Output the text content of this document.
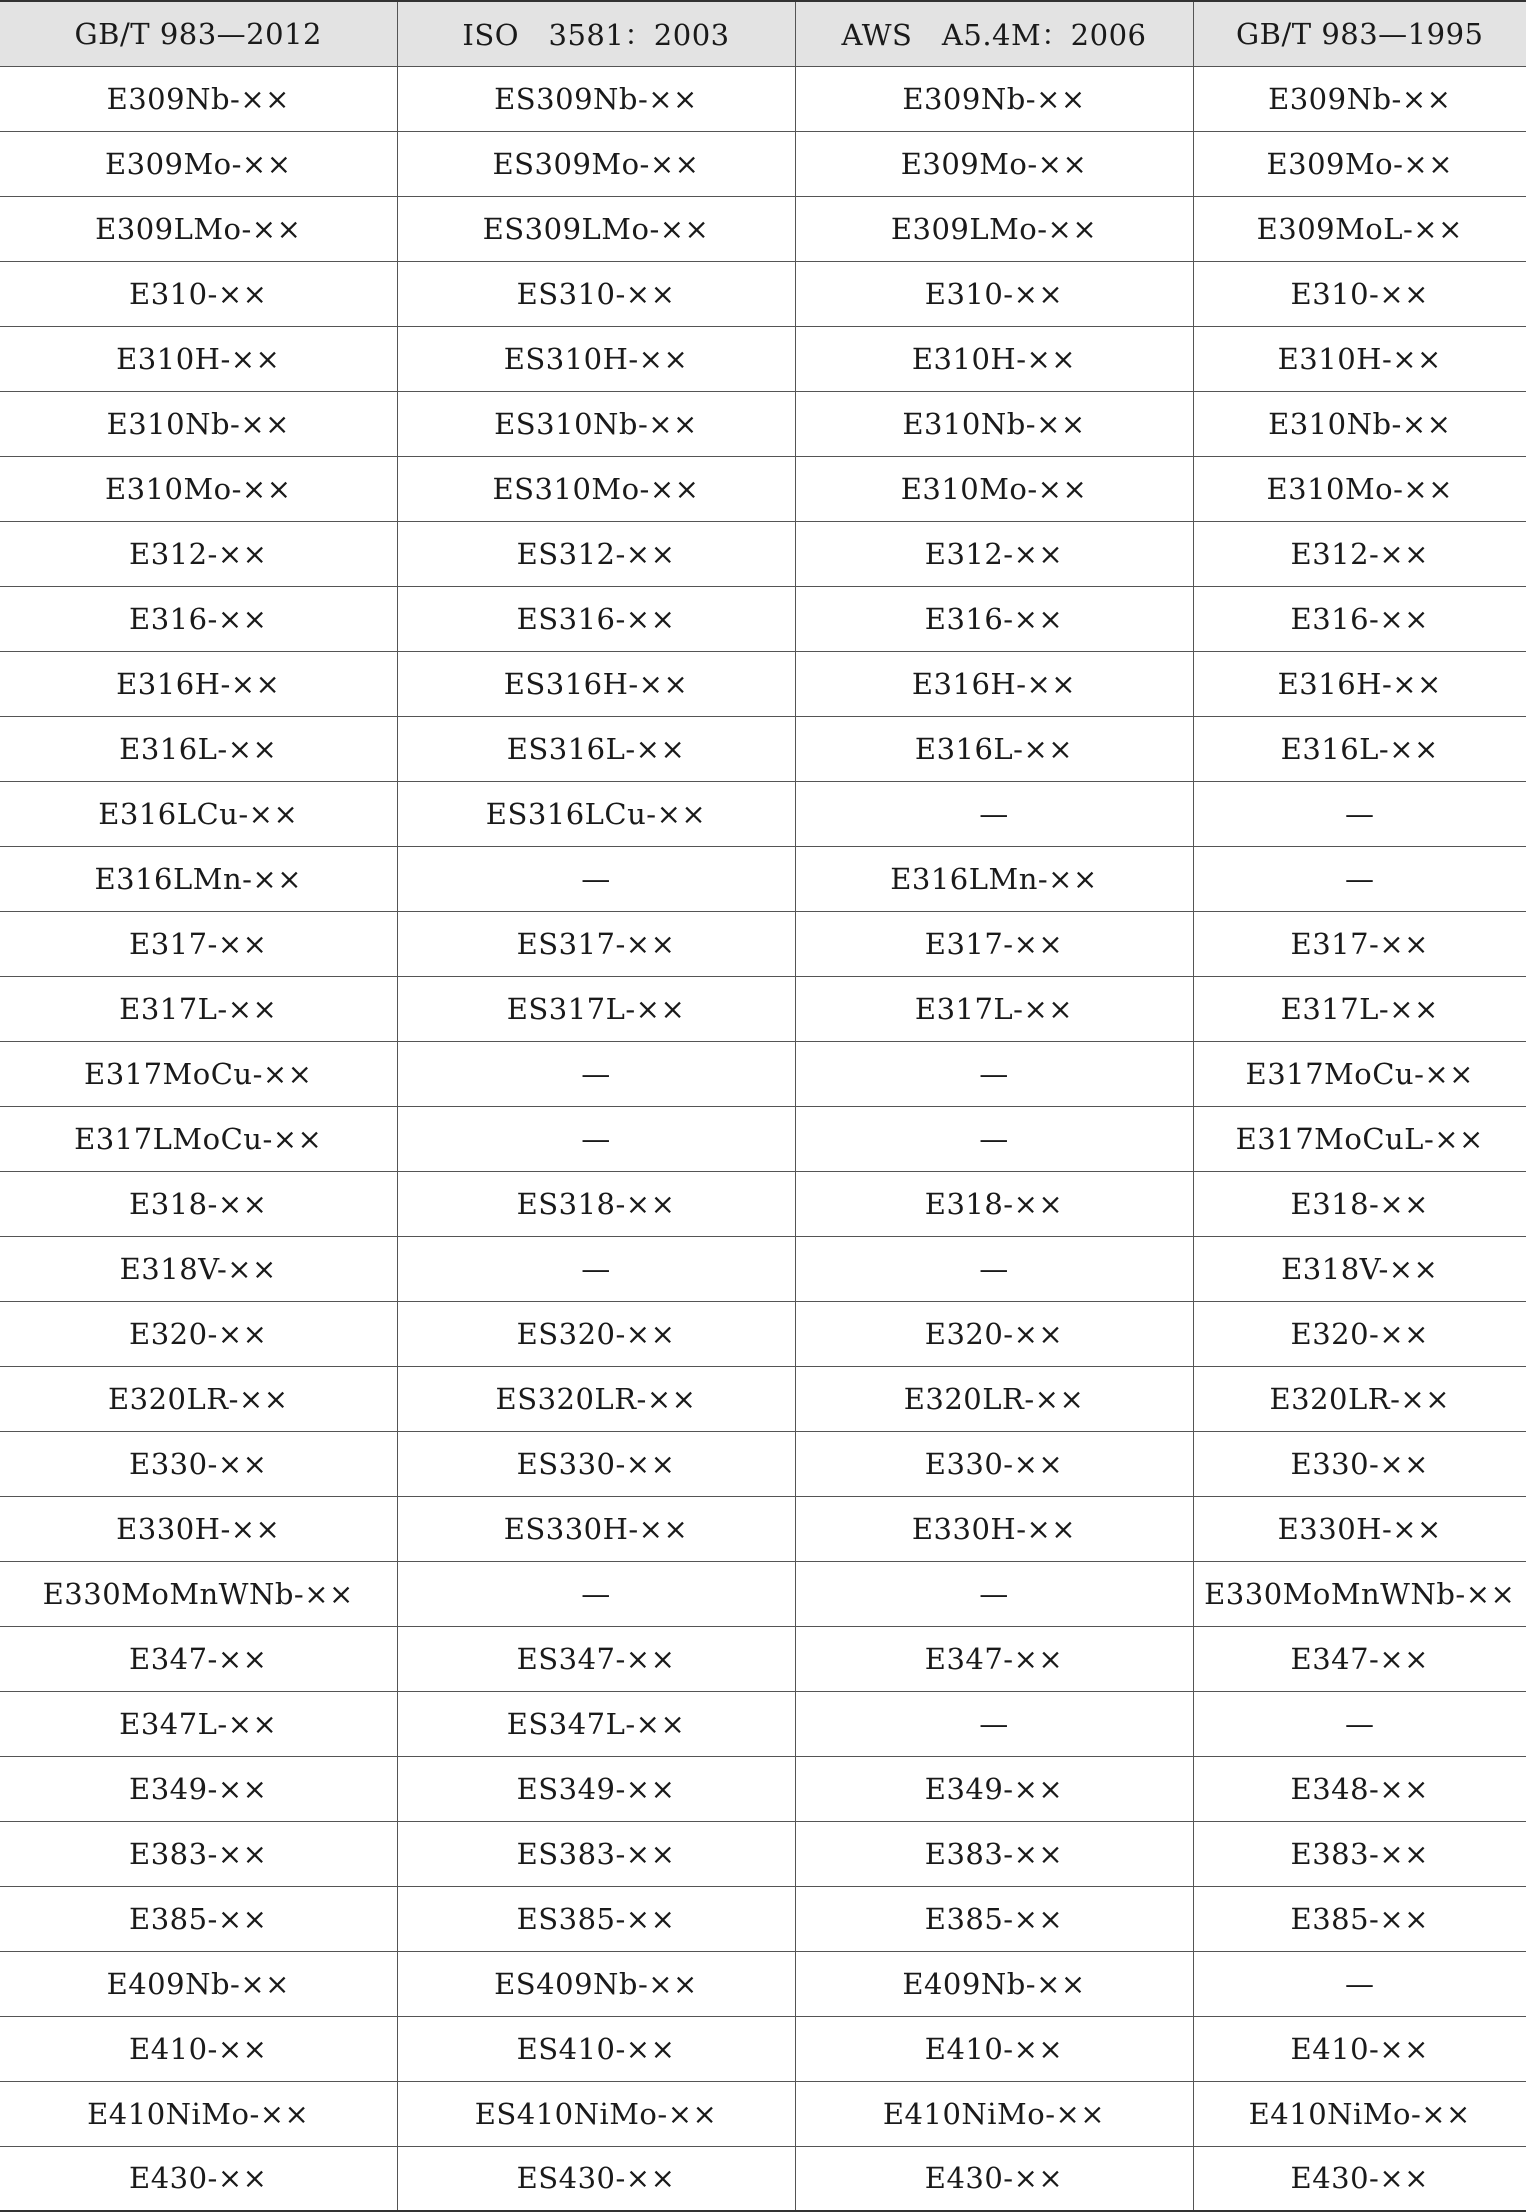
GB/T 983—2012	ISO　3581：2003	AWS　A5.4M：2006	GB/T 983—1995
E309Nb-××	ES309Nb-××	E309Nb-××	E309Nb-××
E309Mo-××	ES309Mo-××	E309Mo-××	E309Mo-××
E309LMo-××	ES309LMo-××	E309LMo-××	E309MoL-××
E310-××	ES310-××	E310-××	E310-××
E310H-××	ES310H-××	E310H-××	E310H-××
E310Nb-××	ES310Nb-××	E310Nb-××	E310Nb-××
E310Mo-××	ES310Mo-××	E310Mo-××	E310Mo-××
E312-××	ES312-××	E312-××	E312-××
E316-××	ES316-××	E316-××	E316-××
E316H-××	ES316H-××	E316H-××	E316H-××
E316L-××	ES316L-××	E316L-××	E316L-××
E316LCu-××	ES316LCu-××	—	—
E316LMn-××	—	E316LMn-××	—
E317-××	ES317-××	E317-××	E317-××
E317L-××	ES317L-××	E317L-××	E317L-××
E317MoCu-××	—	—	E317MoCu-××
E317LMoCu-××	—	—	E317MoCuL-××
E318-××	ES318-××	E318-××	E318-××
E318V-××	—	—	E318V-××
E320-××	ES320-××	E320-××	E320-××
E320LR-××	ES320LR-××	E320LR-××	E320LR-××
E330-××	ES330-××	E330-××	E330-××
E330H-××	ES330H-××	E330H-××	E330H-××
E330MoMnWNb-××	—	—	E330MoMnWNb-××
E347-××	ES347-××	E347-××	E347-××
E347L-××	ES347L-××	—	—
E349-××	ES349-××	E349-××	E348-××
E383-××	ES383-××	E383-××	E383-××
E385-××	ES385-××	E385-××	E385-××
E409Nb-××	ES409Nb-××	E409Nb-××	—
E410-××	ES410-××	E410-××	E410-××
E410NiMo-××	ES410NiMo-××	E410NiMo-××	E410NiMo-××
E430-××	ES430-××	E430-××	E430-××
